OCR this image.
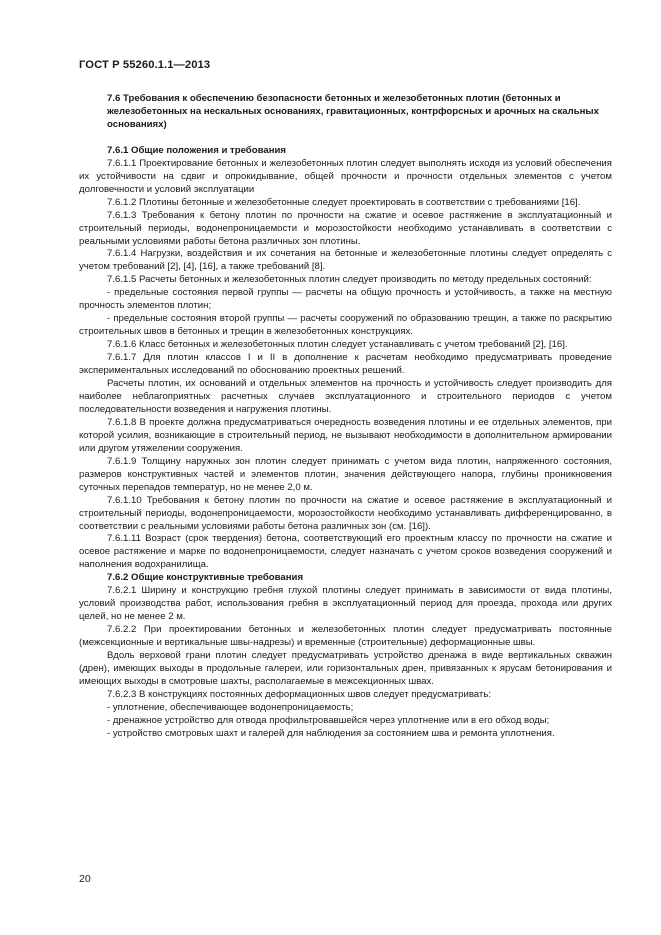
ГОСТ Р 55260.1.1—2013

7.6 Требования к обеспечению безопасности бетонных и железобетонных плотин (бетонных и железобетонных на нескальных основаниях, гравитационных, контрфорсных и арочных на скальных основаниях)

7.6.1 Общие положения и требования

7.6.1.1 Проектирование бетонных и железобетонных плотин следует выполнять исходя из условий обеспечения их устойчивости на сдвиг и опрокидывание, общей прочности и прочности отдельных элементов с учетом долговечности и условий эксплуатации

7.6.1.2 Плотины бетонные и железобетонные следует проектировать в соответствии с требованиями [16].

7.6.1.3 Требования к бетону плотин по прочности на сжатие и осевое растяжение в эксплуатационный и строительный периоды, водонепроницаемости и морозостойкости необходимо устанавливать в соответствии с реальными условиями работы бетона различных зон плотины.

7.6.1.4 Нагрузки, воздействия и их сочетания на бетонные и железобетонные плотины следует определять с учетом требований [2], [4], [16], а также требований [8].

7.6.1.5 Расчеты бетонных и железобетонных плотин следует производить по методу предельных состояний:

- предельные состояния первой группы — расчеты на общую прочность и устойчивость, а также на местную прочность элементов плотин;

- предельные состояния второй группы — расчеты сооружений по образованию трещин, а также по раскрытию строительных швов в бетонных и трещин в железобетонных конструкциях.

7.6.1.6 Класс бетонных и железобетонных плотин следует устанавливать с учетом требований [2], [16].

7.6.1.7 Для плотин классов I и II в дополнение к расчетам необходимо предусматривать проведение экспериментальных исследований по обоснованию проектных решений.

Расчеты плотин, их оснований и отдельных элементов на прочность и устойчивость следует производить для наиболее неблагоприятных расчетных случаев эксплуатационного и строительного периодов с учетом последовательности возведения и нагружения плотины.

7.6.1.8 В проекте должна предусматриваться очередность возведения плотины и ее отдельных элементов, при которой усилия, возникающие в строительный период, не вызывают необходимости в дополнительном армировании или другом утяжелении сооружения.

7.6.1.9 Толщину наружных зон плотин следует принимать с учетом вида плотин, напряженного состояния, размеров конструктивных частей и элементов плотин, значения действующего напора, глубины проникновения суточных перепадов температур, но не менее 2,0 м.

7.6.1.10 Требования к бетону плотин по прочности на сжатие и осевое растяжение в эксплуатационный и строительный периоды, водонепроницаемости, морозостойкости необходимо устанавливать дифференцированно, в соответствии с реальными условиями работы бетона различных зон (см. [16]).

7.6.1.11 Возраст (срок твердения) бетона, соответствующий его проектным классу по прочности на сжатие и осевое растяжение и марке по водонепроницаемости, следует назначать с учетом сроков возведения сооружений и наполнения водохранилища.

7.6.2 Общие конструктивные требования

7.6.2.1 Ширину и конструкцию гребня глухой плотины следует принимать в зависимости от вида плотины, условий производства работ, использования гребня в эксплуатационный период для проезда, прохода или других целей, но не менее 2 м.

7.6.2.2 При проектировании бетонных и железобетонных плотин следует предусматривать постоянные (межсекционные и вертикальные швы-надрезы) и временные (строительные) деформационные швы.

Вдоль верховой грани плотин следует предусматривать устройство дренажа в виде вертикальных скважин (дрен), имеющих выходы в продольные галереи, или горизонтальных дрен, привязанных к ярусам бетонирования и имеющих выходы в смотровые шахты, располагаемые в межсекционных швах.

7.6.2.3 В конструкциях постоянных деформационных швов следует предусматривать:

- уплотнение, обеспечивающее водонепроницаемость;

- дренажное устройство для отвода профильтровавшейся через уплотнение или в его обход воды;

- устройство смотровых шахт и галерей для наблюдения за состоянием шва и ремонта уплотнения.

20
